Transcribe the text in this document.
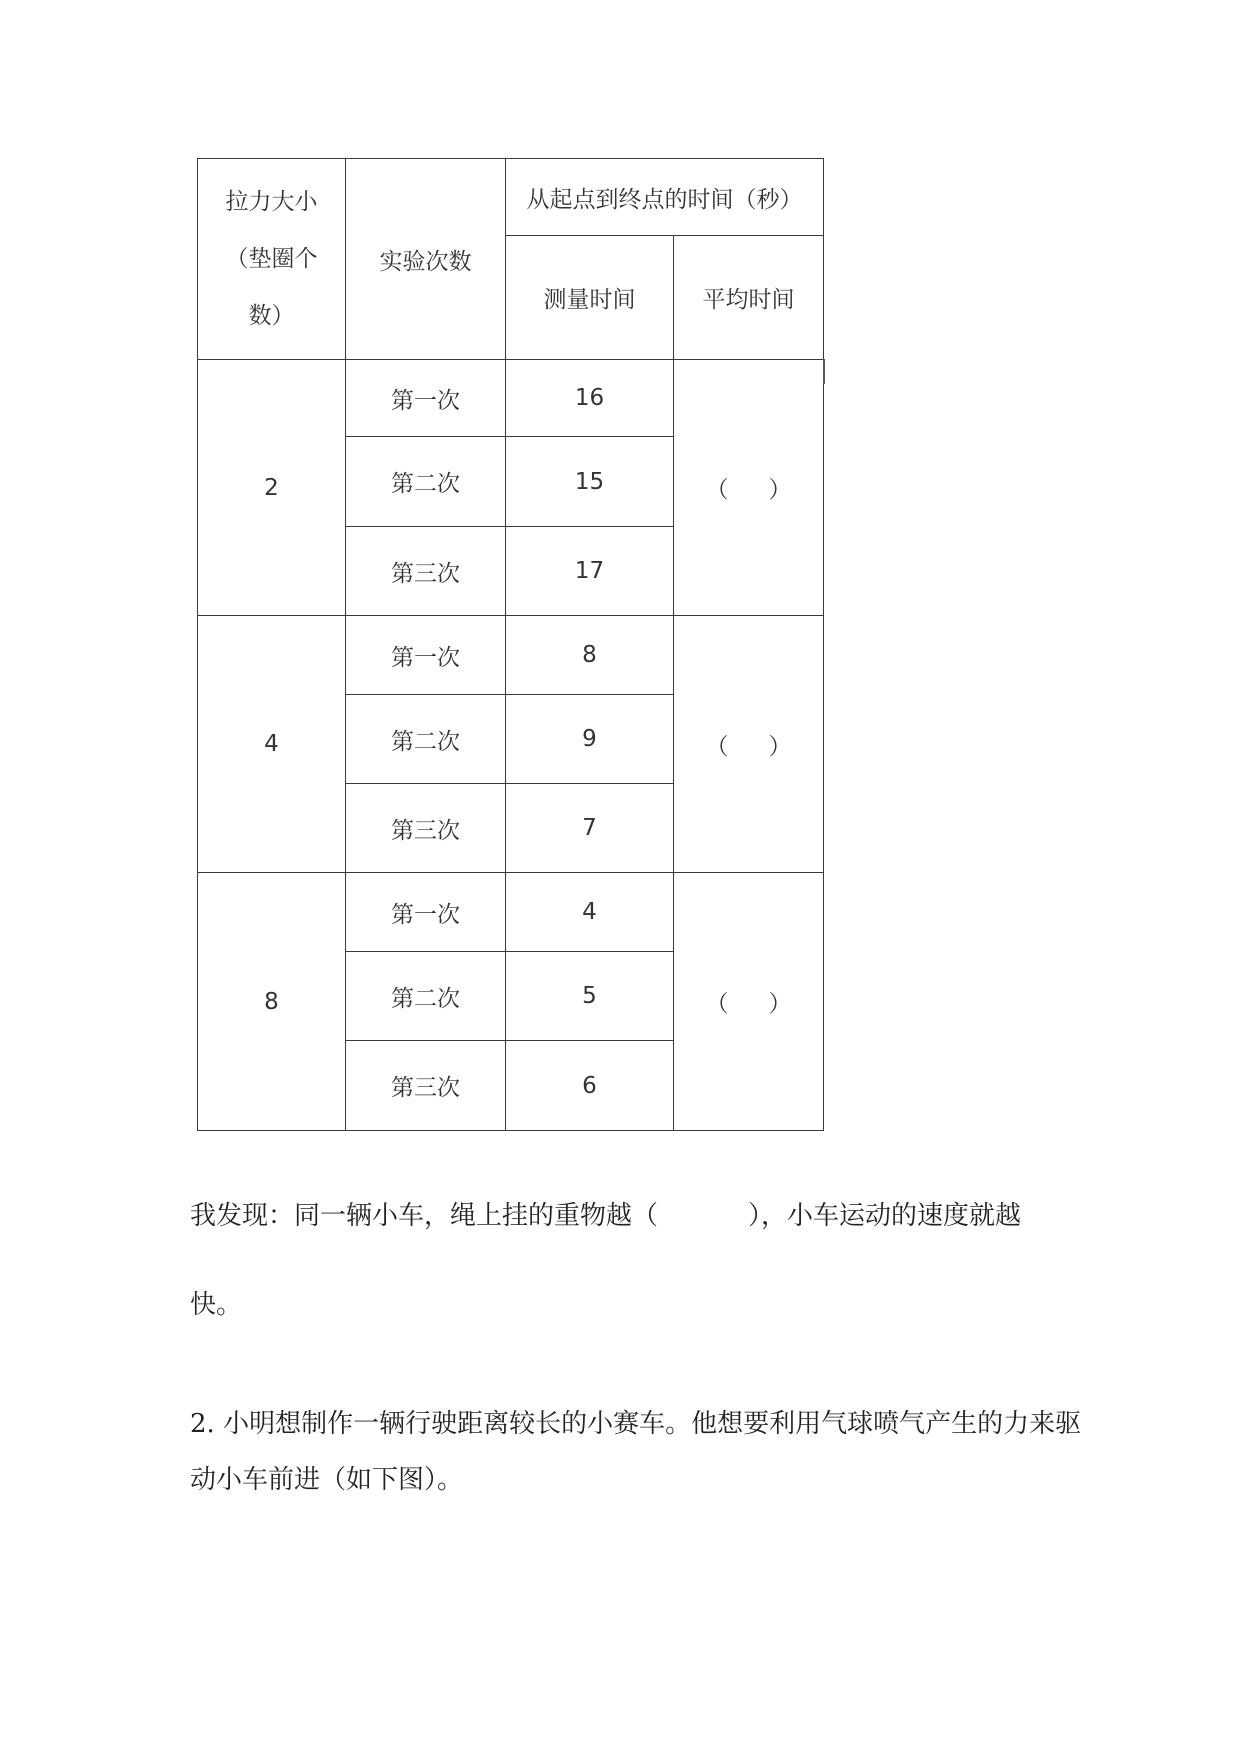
拉力大小
（垫圈个
数）	实验次数	从起点到终点的时间（秒）	
		测量时间	平均时间
2	第一次	16	（ ）
	第二次	15	
	第三次	17	
4	第一次	8	（ ）
	第二次	9	
	第三次	7	
8	第一次	4	（ ）
	第二次	5	
	第三次	6	
我发现：同一辆小车，绳上挂的重物越（	），小车运动的速度就越
快。
2. 小明想制作一辆行驶距离较长的小赛车。他想要利用气球喷气产生的力来驱
动小车前进（如下图）。
